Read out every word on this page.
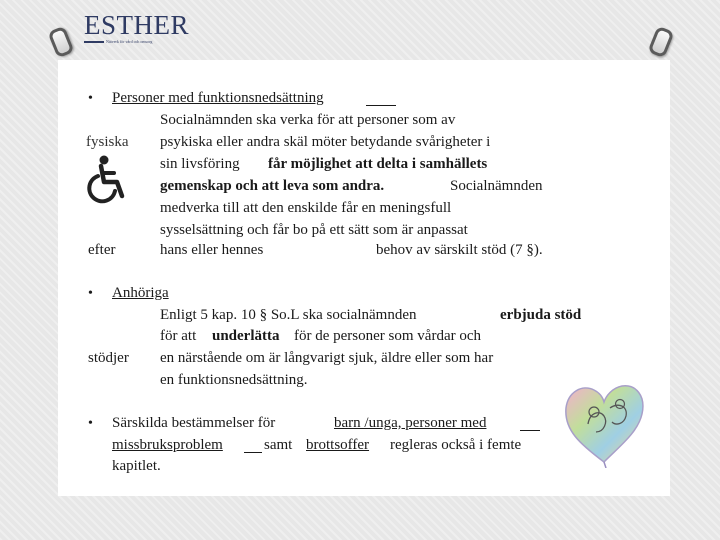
ESTHER
Nätverk för vård och omsorg
• Personer med funktionsnedsättning
fysiska
Socialnämnden ska verka för att personer som av
psykiska eller andra skäl möter betydande svårigheter i
sin livsföring får möjlighet att delta i samhällets
gemenskap och att leva som andra.	Socialnämnden
medverka till att den enskilde får en meningsfull
sysselsättning och får bo på ett sätt som är anpassat
hans eller hennes	behov av särskilt stöd (7 §).
efter
• Anhöriga
Enligt 5 kap. 10 § So.L ska socialnämnden	erbjuda stöd
för att underlätta för de personer som vårdar och
stödjer en närstående om är långvarigt sjuk, äldre eller som har
en funktionsnedsättning.
• Särskilda bestämmelser för	barn /unga, personer med
missbruksproblem	samt brottsoffer regleras också i femte
kapitlet.
